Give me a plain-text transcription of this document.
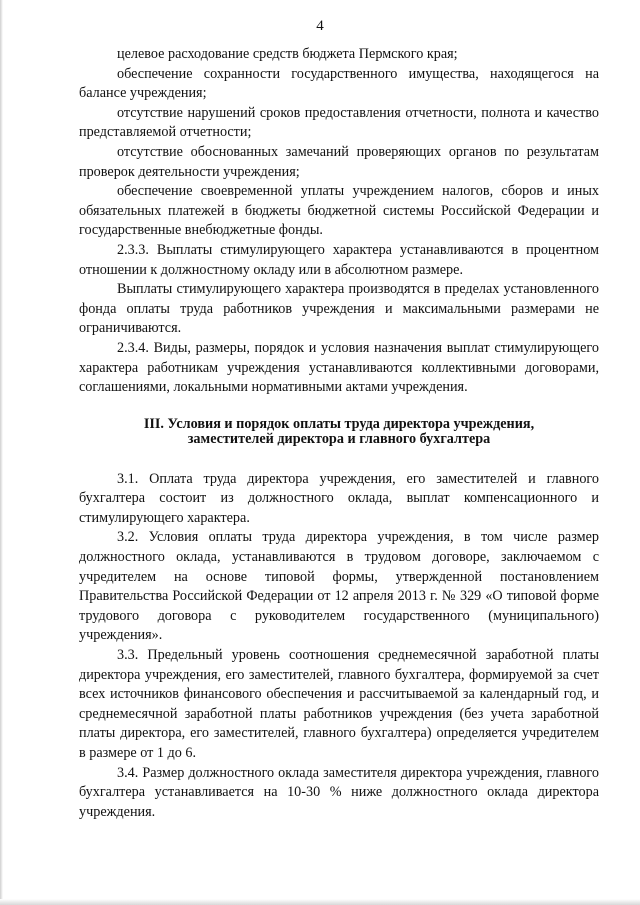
4

целевое расходование средств бюджета Пермского края;

обеспечение сохранности государственного имущества, находящегося на балансе учреждения;

отсутствие нарушений сроков предоставления отчетности, полнота и качество представляемой отчетности;

отсутствие обоснованных замечаний проверяющих органов по результатам проверок деятельности учреждения;

обеспечение своевременной уплаты учреждением налогов, сборов и иных обязательных платежей в бюджеты бюджетной системы Российской Федерации и государственные внебюджетные фонды.

2.3.3. Выплаты стимулирующего характера устанавливаются в процентном отношении к должностному окладу или в абсолютном размере.

Выплаты стимулирующего характера производятся в пределах установленного фонда оплаты труда работников учреждения и максимальными размерами не ограничиваются.

2.3.4. Виды, размеры, порядок и условия назначения выплат стимулирующего характера работникам учреждения устанавливаются коллективными договорами, соглашениями, локальными нормативными актами учреждения.

III. Условия и порядок оплаты труда директора учреждения, заместителей директора и главного бухгалтера

3.1. Оплата труда директора учреждения, его заместителей и главного бухгалтера состоит из должностного оклада, выплат компенсационного и стимулирующего характера.

3.2. Условия оплаты труда директора учреждения, в том числе размер должностного оклада, устанавливаются в трудовом договоре, заключаемом с учредителем на основе типовой формы, утвержденной постановлением Правительства Российской Федерации от 12 апреля 2013 г. № 329 «О типовой форме трудового договора с руководителем государственного (муниципального) учреждения».

3.3. Предельный уровень соотношения среднемесячной заработной платы директора учреждения, его заместителей, главного бухгалтера, формируемой за счет всех источников финансового обеспечения и рассчитываемой за календарный год, и среднемесячной заработной платы работников учреждения (без учета заработной платы директора, его заместителей, главного бухгалтера) определяется учредителем в размере от 1 до 6.

3.4. Размер должностного оклада заместителя директора учреждения, главного бухгалтера устанавливается на 10-30 % ниже должностного оклада директора учреждения.
